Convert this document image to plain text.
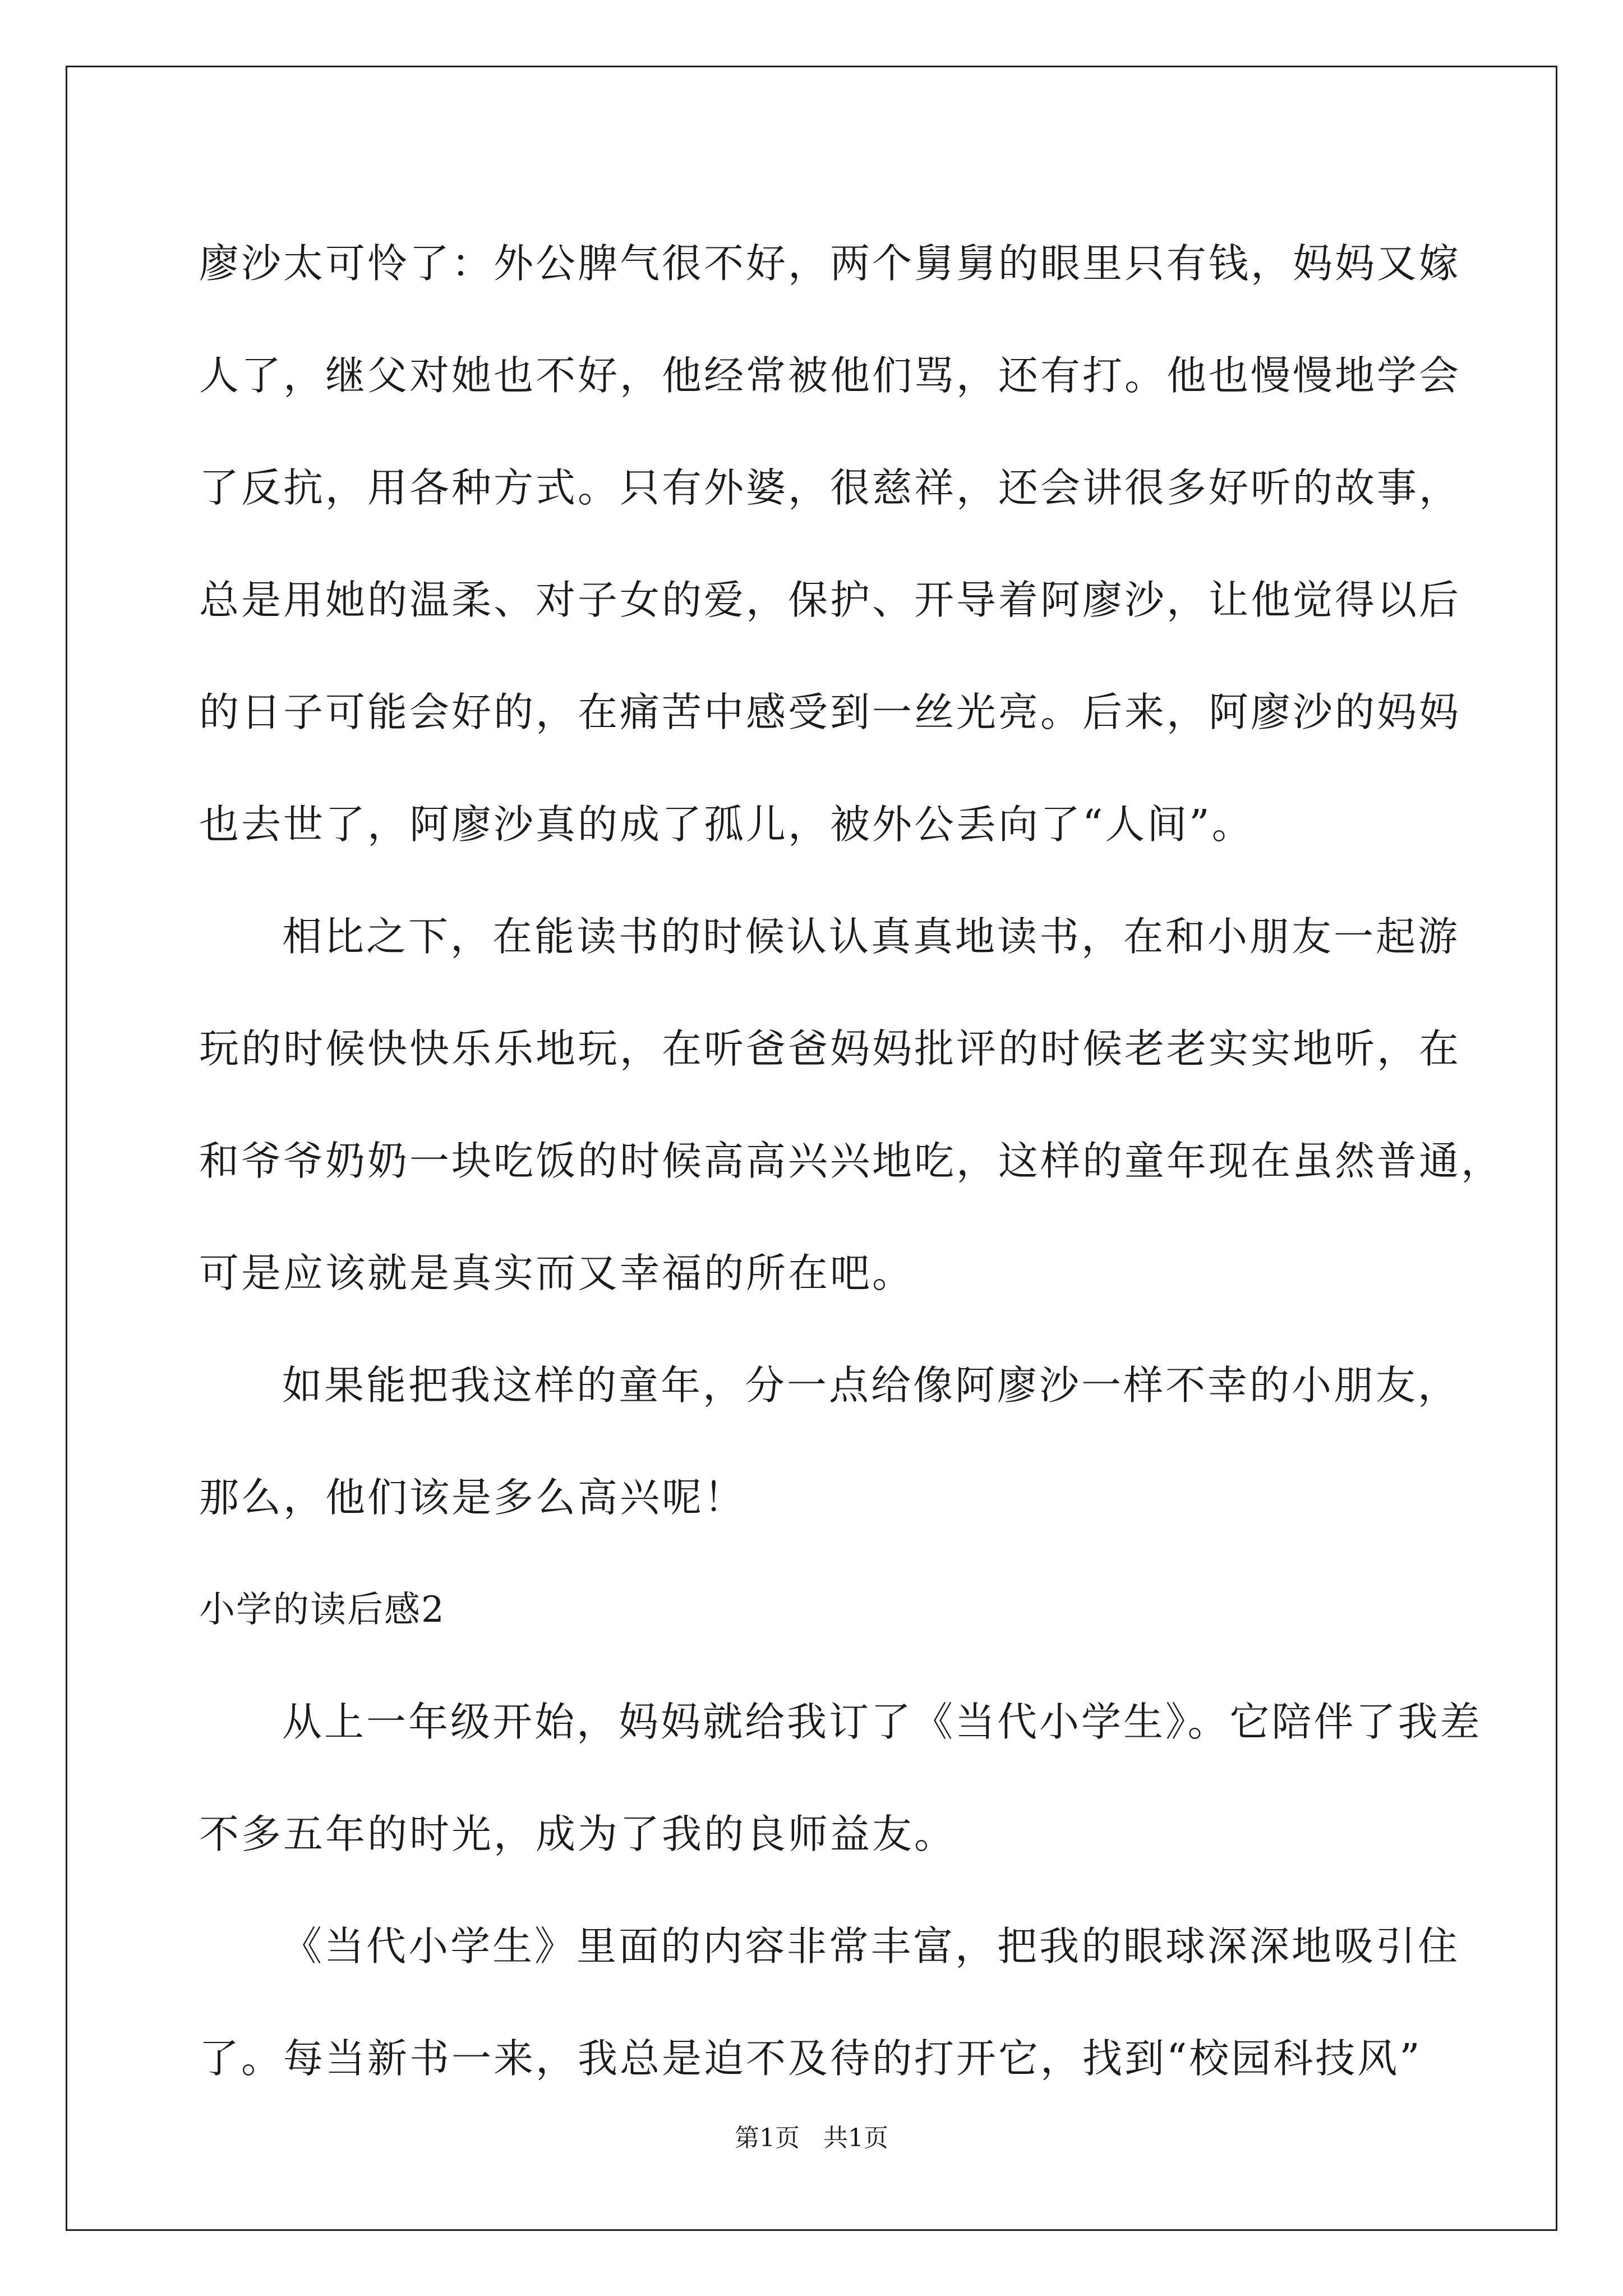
廖沙太可怜了：外公脾气很不好，两个舅舅的眼里只有钱，妈妈又嫁
人了，继父对她也不好，他经常被他们骂，还有打。他也慢慢地学会
了反抗，用各种方式。只有外婆，很慈祥，还会讲很多好听的故事，
总是用她的温柔、对子女的爱，保护、开导着阿廖沙，让他觉得以后
的日子可能会好的，在痛苦中感受到一丝光亮。后来，阿廖沙的妈妈
也去世了，阿廖沙真的成了孤儿，被外公丢向了“人间”。
相比之下，在能读书的时候认认真真地读书，在和小朋友一起游
玩的时候快快乐乐地玩，在听爸爸妈妈批评的时候老老实实地听，在
和爷爷奶奶一块吃饭的时候高高兴兴地吃，这样的童年现在虽然普通，
可是应该就是真实而又幸福的所在吧。
如果能把我这样的童年，分一点给像阿廖沙一样不幸的小朋友，
那么，他们该是多么高兴呢！
小学的读后感2
从上一年级开始，妈妈就给我订了《当代小学生》。它陪伴了我差
不多五年的时光，成为了我的良师益友。
《当代小学生》里面的内容非常丰富，把我的眼球深深地吸引住
了。每当新书一来，我总是迫不及待的打开它，找到“校园科技风”
第1页   共1页
